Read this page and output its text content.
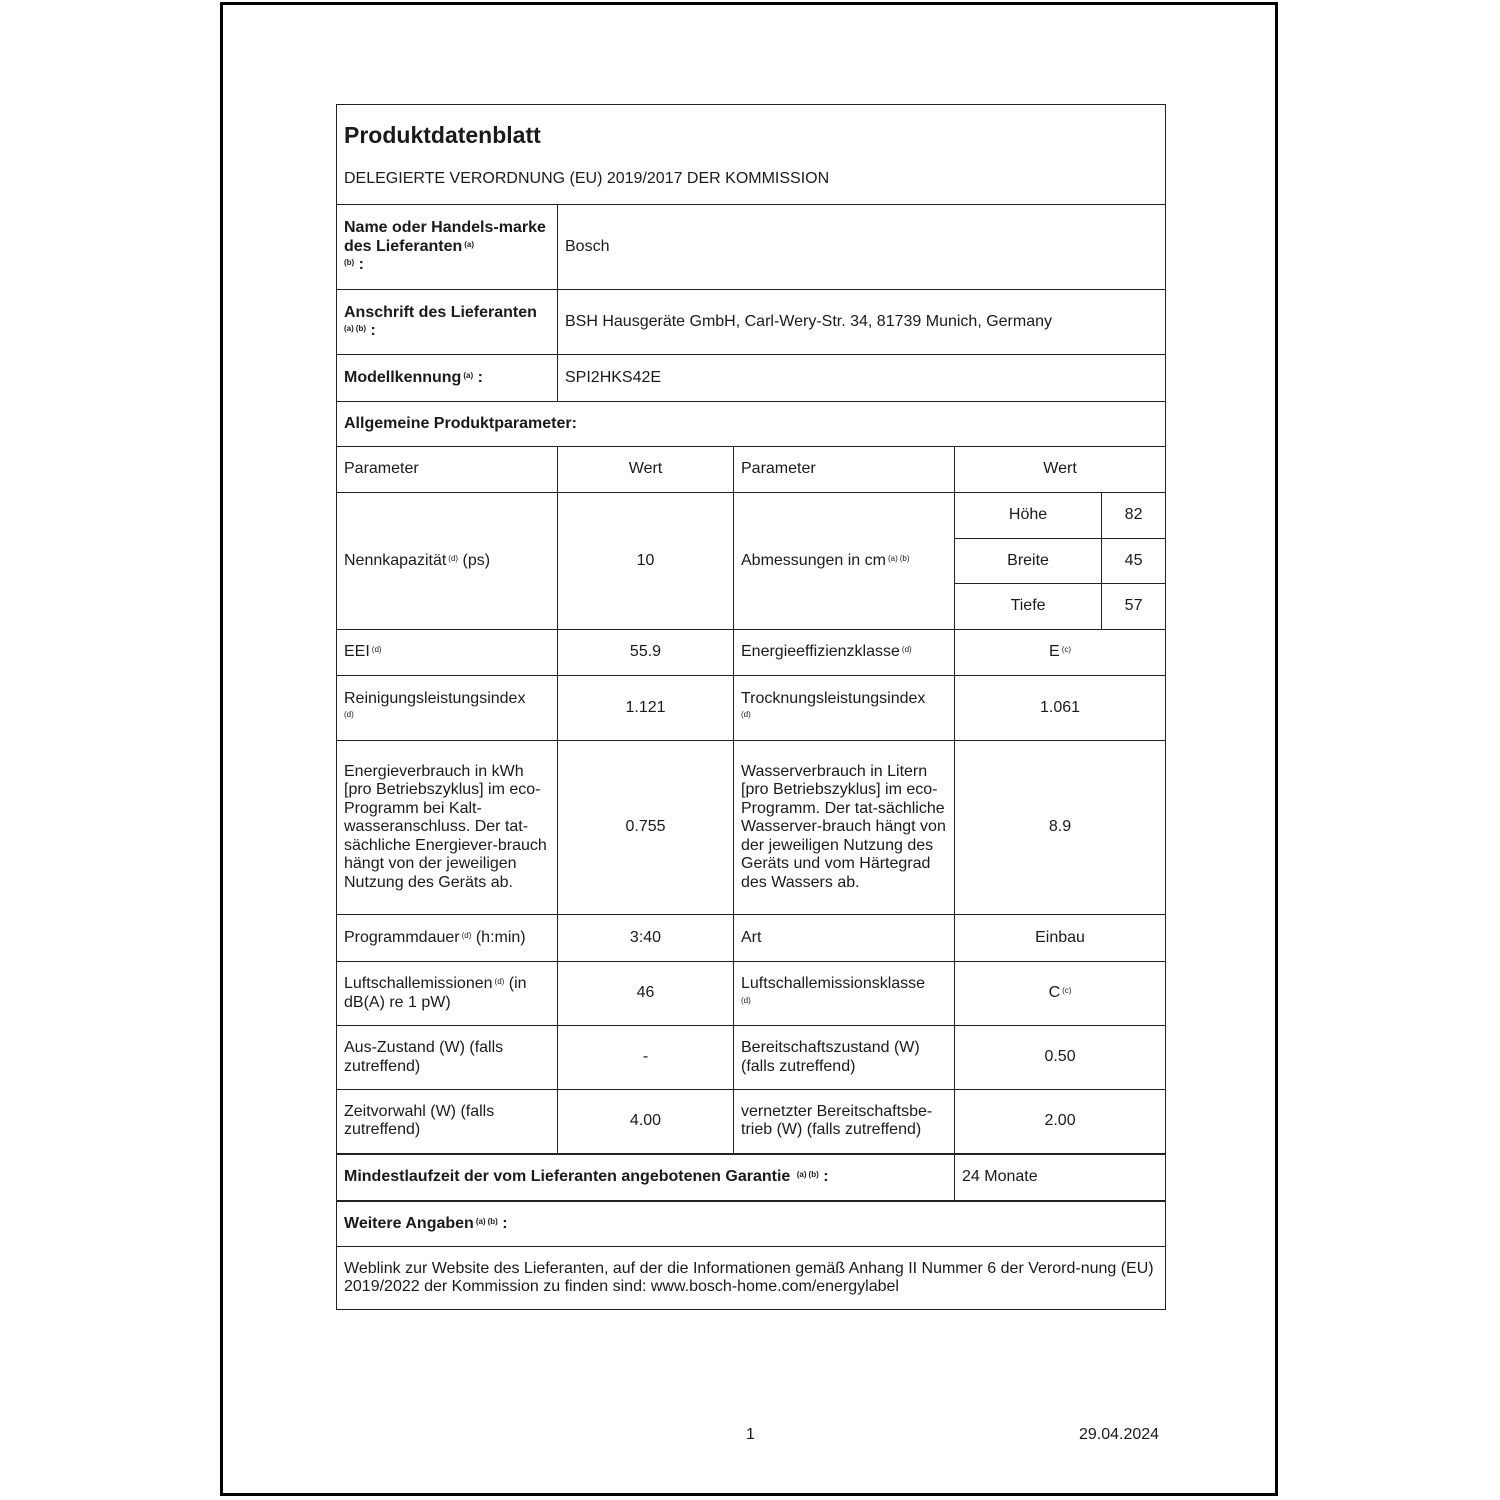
Produktdatenblatt
DELEGIERTE VERORDNUNG (EU) 2019/2017 DER KOMMISSION

Name oder Handels-marke des Lieferanten $^{(a)}$
$^{(b)}$ :	Bosch
Anschrift des Lieferanten
$^{(a)}$ $^{(b)}$ :	BSH Hausgeräte GmbH, Carl-Wery-Str. 34, 81739 Munich, Germany
Modellkennung $^{(a)}$ :	SPI2HKS42E
Allgemeine Produktparameter:
Parameter	Wert	Parameter	Wert
Nennkapazität $^{(d)}$ (ps)	10	Abmessungen in cm $^{(a)}$ $^{(b)}$	
Höhe	82
Breite	45
Tiefe	57

EEI $^{(d)}$	55.9	Energieeffizienzklasse $^{(d)}$	E $^{(c)}$
Reinigungsleistungsindex
$^{(d)}$	1.121	Trocknungsleistungsindex
$^{(d)}$	1.061
Energieverbrauch in kWh [pro Betriebszyklus] im eco-Programm bei Kalt-wasseranschluss. Der tat-sächliche Energiever-brauch hängt von der jeweiligen Nutzung des Geräts ab.	0.755	Wasserverbrauch in Litern [pro Betriebszyklus] im eco-Programm. Der tat-sächliche Wasserver-brauch hängt von der jeweiligen Nutzung des Geräts und vom Härtegrad des Wassers ab.	8.9
Programmdauer $^{(d)}$ (h:min)	3:40	Art	Einbau
Luftschallemissionen $^{(d)}$ (in dB(A) re 1 pW)	46	Luftschallemissionsklasse
$^{(d)}$	C $^{(c)}$
Aus-Zustand (W) (falls zutreffend)	-	Bereitschaftszustand (W) (falls zutreffend)	0.50
Zeitvorwahl (W) (falls zutreffend)	4.00	vernetzter Bereitschaftsbe-trieb (W) (falls zutreffend)	2.00
Mindestlaufzeit der vom Lieferanten angebotenen Garantie $^{(a)}$ $^{(b)}$ :	24 Monate
Weitere Angaben $^{(a)}$ $^{(b)}$ :
Weblink zur Website des Lieferanten, auf der die Informationen gemäß Anhang II Nummer 6 der Verord-nung (EU) 2019/2022 der Kommission zu finden sind: www.bosch-home.com/energylabel
1	29.04.2024
